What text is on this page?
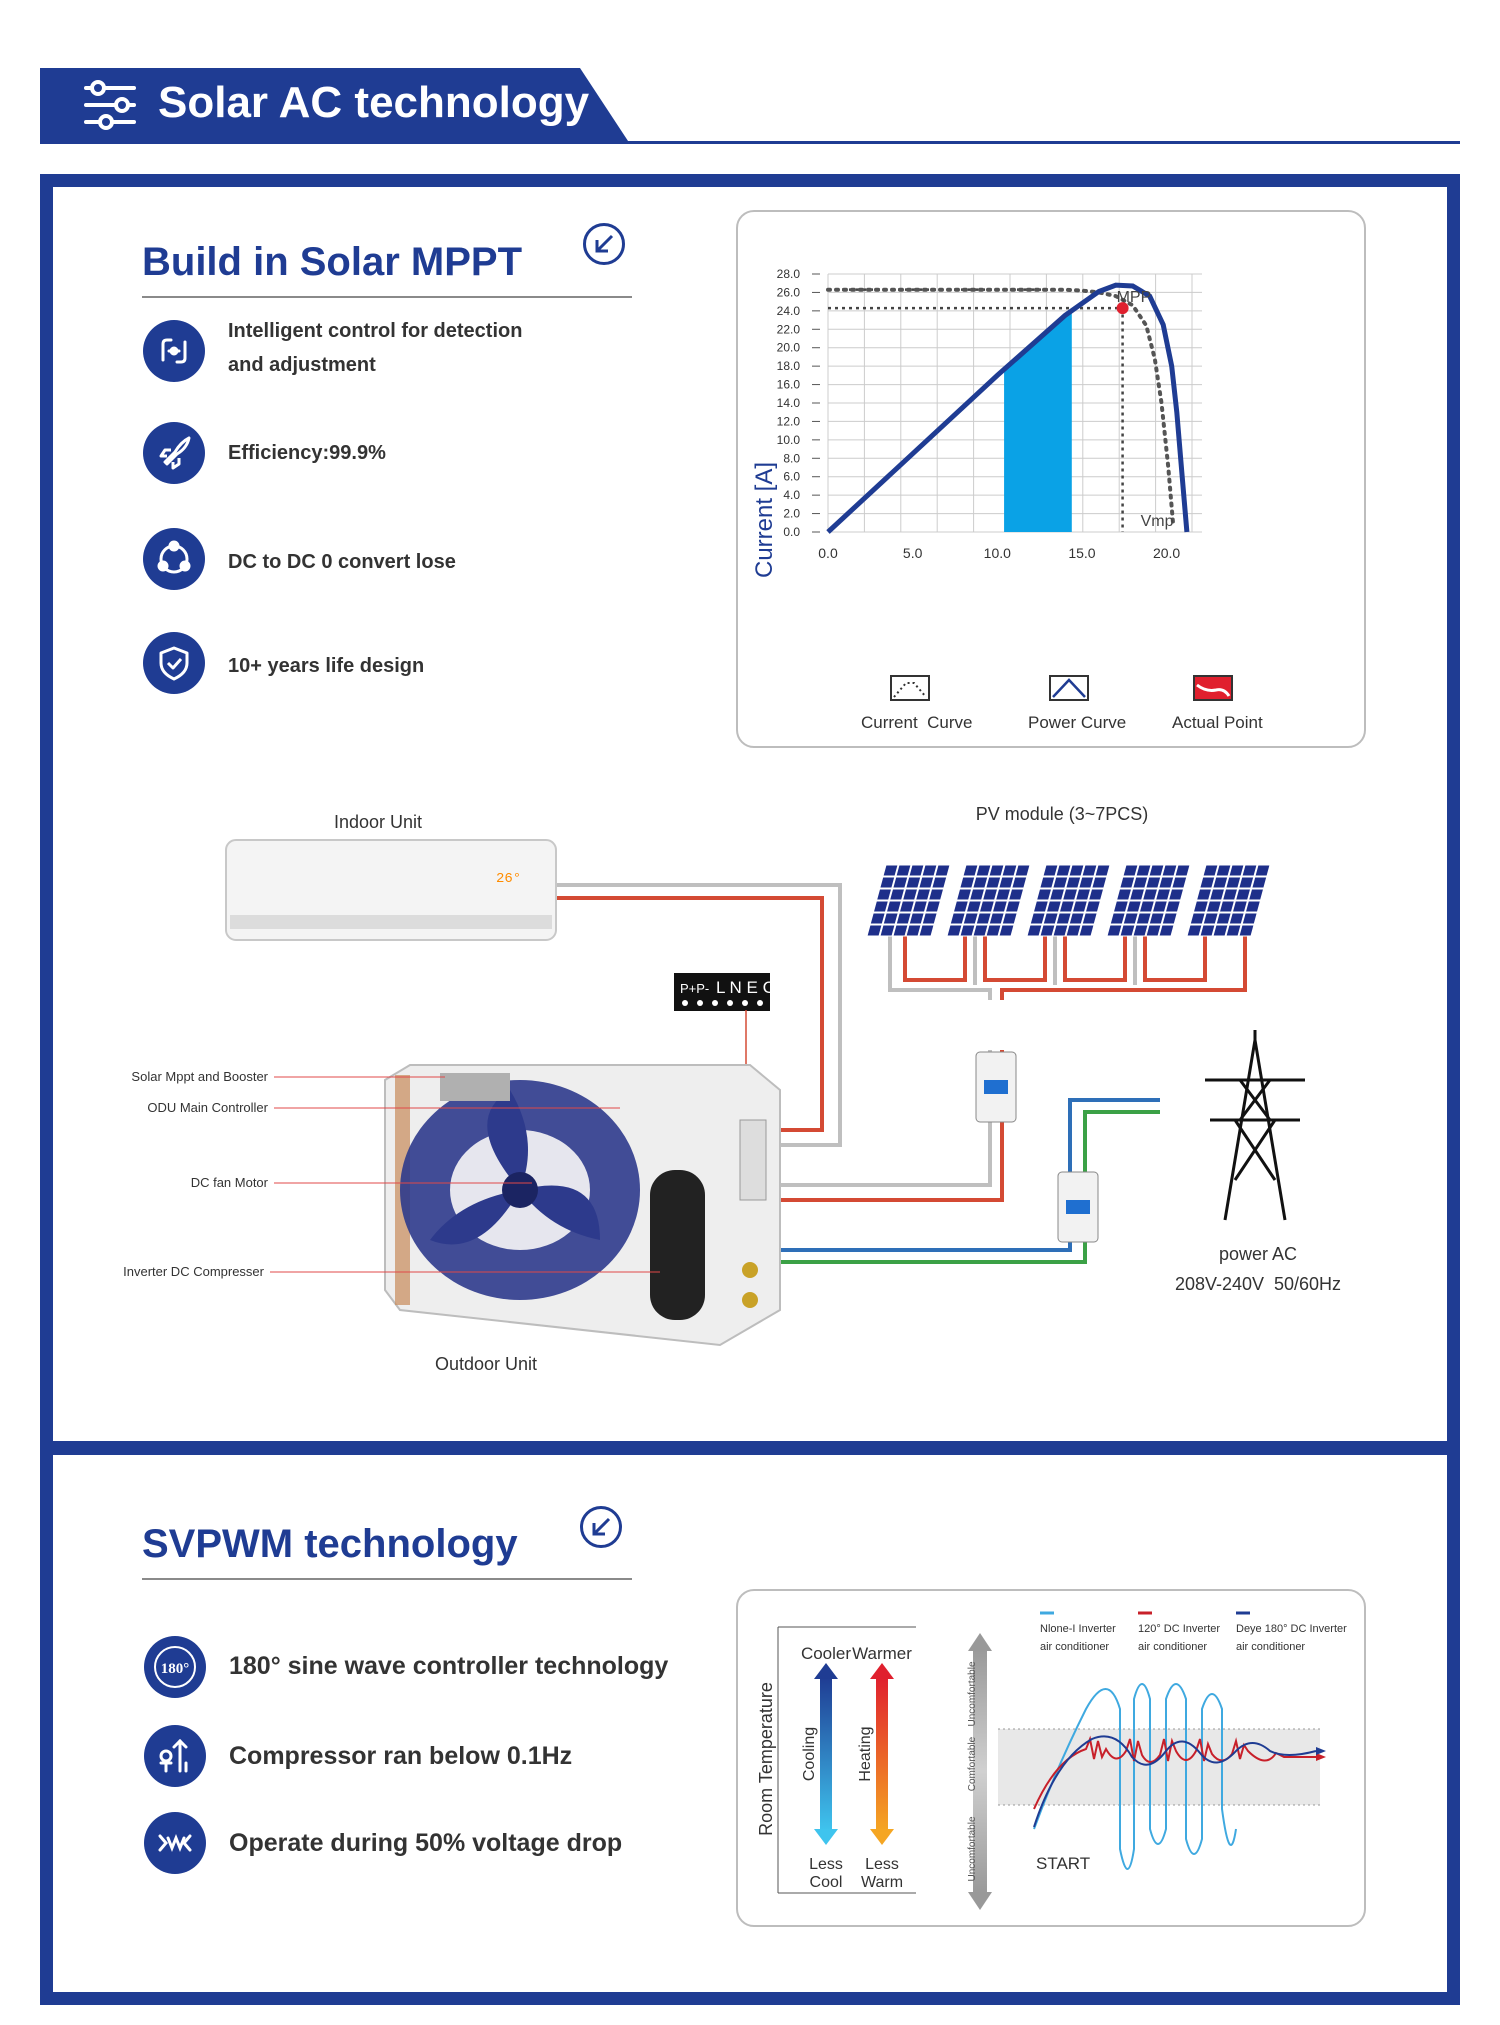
Solar AC technology
Build in Solar MPPT
Intelligent control for detection
and adjustment
Efficiency:99.9%
DC to DC 0 convert lose
10+ years life design
28.0
26.0
24.0
22.0
20.0
18.0
16.0
14.0
12.0
10.0
8.0
6.0
4.0
2.0
0.0
0.0	5.0	10.0	15.0	20.0
MPP
Vmp
Current [A]
Current  Curve	Power Curve	Actual Point
26°
Indoor Unit
P+P- L N E C
Outdoor Unit
Solar Mppt and Booster
ODU Main Controller
DC fan Motor
Inverter DC Compresser
PV module (3~7PCS)
power AC
208V-240V  50/60Hz
SVPWM technology
180° 180° sine wave controller technology
Compressor ran below 0.1Hz
Operate during 50% voltage drop
Room Temperature
Cooler Warmer
Cooling Heating
Less
Cool
Less
Warm
Uncomfortable
Comfortable
Uncomfortable	START
Nlone-I Inverter
air conditioner
120° DC Inverter
air conditioner
Deye 180° DC Inverter
air conditioner
